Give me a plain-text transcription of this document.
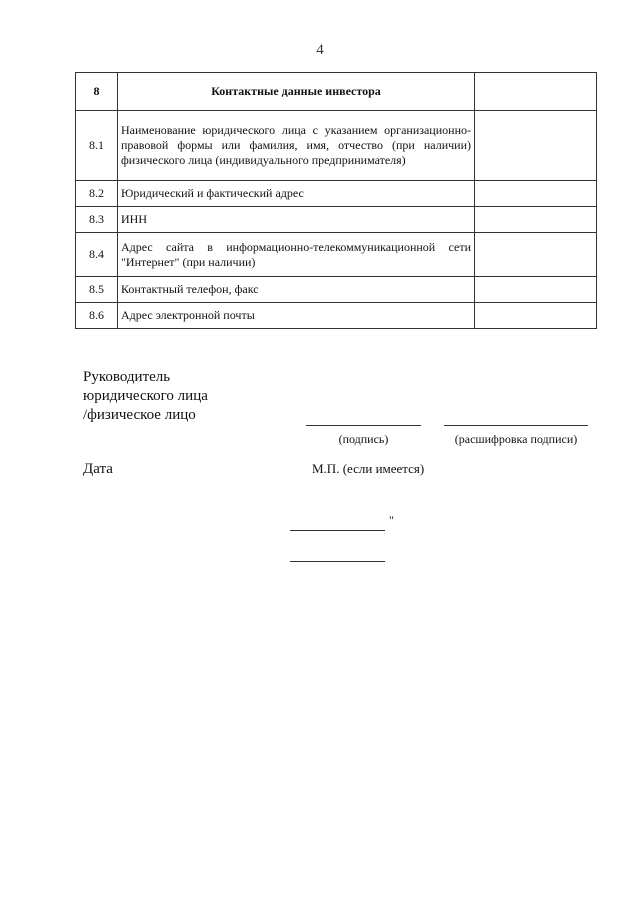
4
8	Контактные данные инвестора	
8.1	Наименование юридического лица с указанием организационно-правовой формы или фамилия, имя, отчество (при наличии) физического лица (индивидуального предпринимателя)	
8.2	Юридический и фактический адрес	
8.3	ИНН	
8.4	Адрес сайта в информационно-телекоммуникационной сети "Интернет" (при наличии)	
8.5	Контактный телефон, факс	
8.6	Адрес электронной почты	
Руководитель
юридического лица
/физическое лицо
(подпись)	(расшифровка подписи)
Дата	М.П. (если имеется)
"
